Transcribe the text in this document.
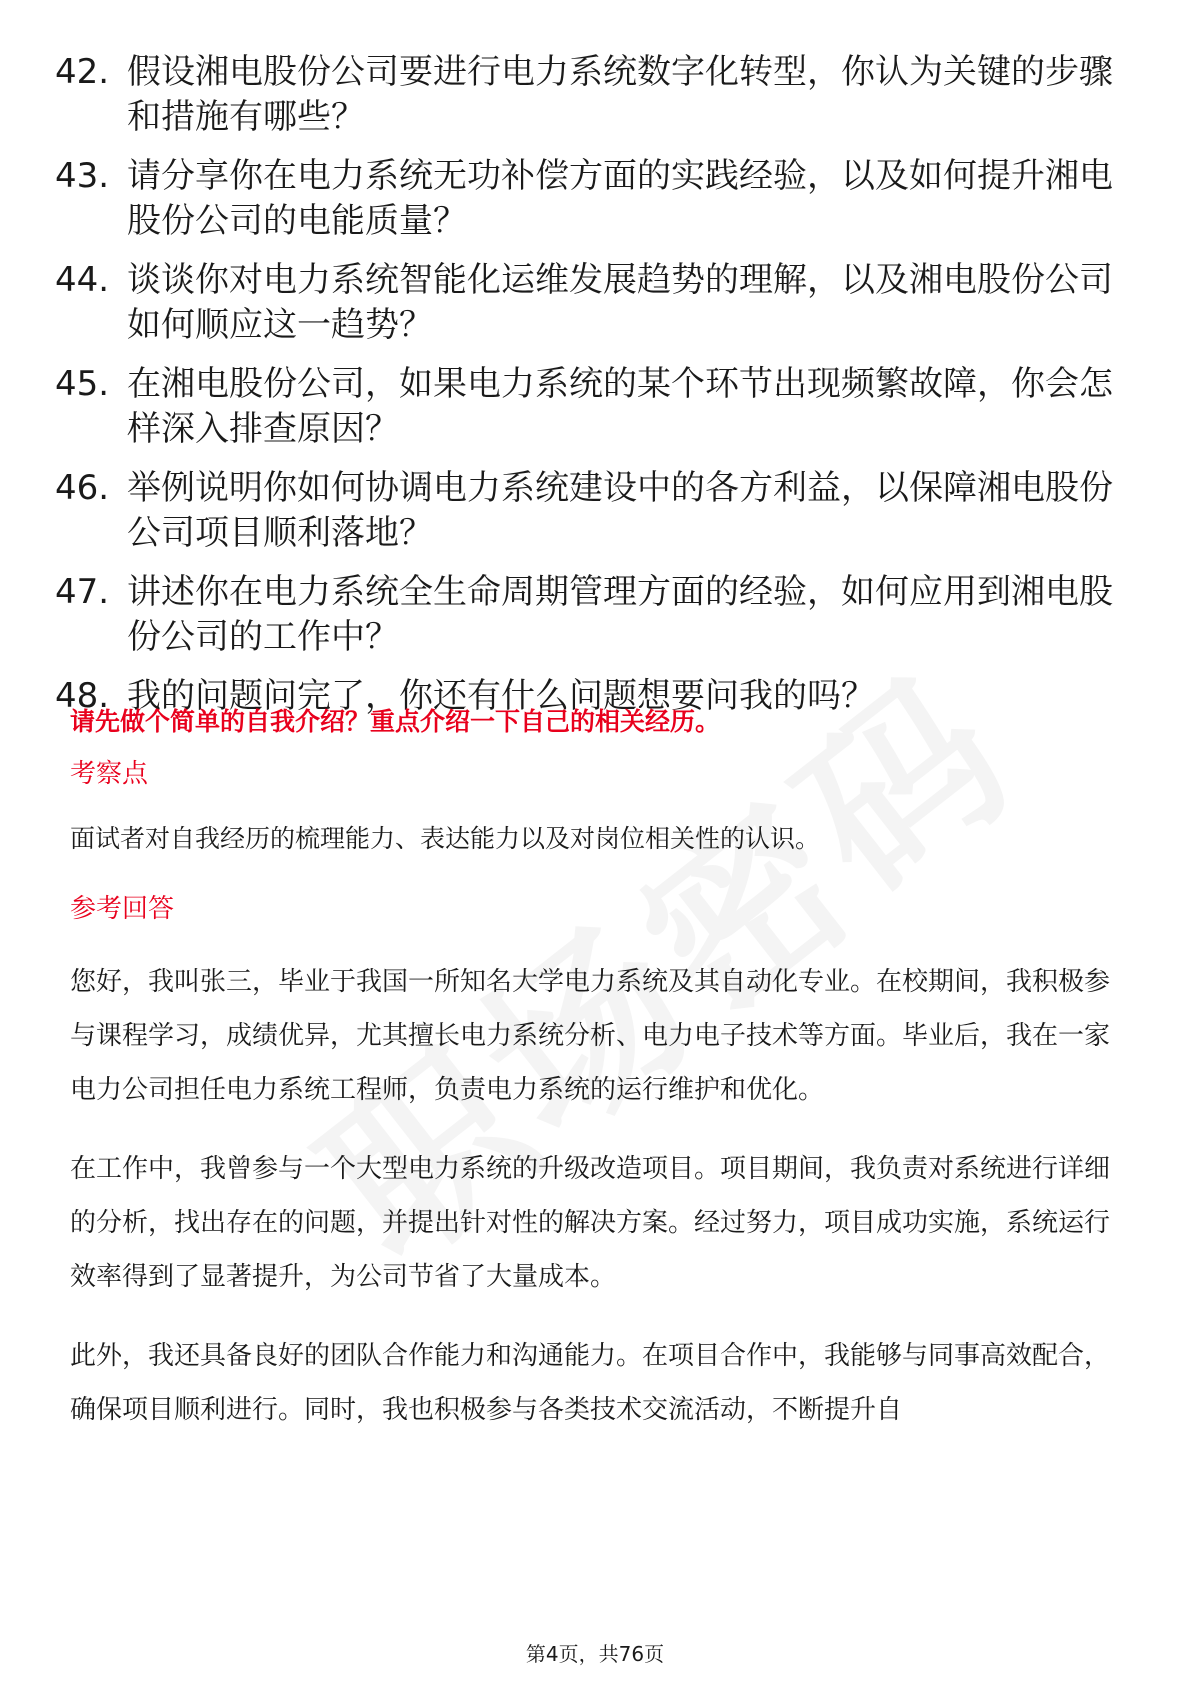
42. 假设湘电股份公司要进行电力系统数字化转型，你认为关键的步骤和措施有哪些？
43. 请分享你在电力系统无功补偿方面的实践经验，以及如何提升湘电股份公司的电能质量？
44. 谈谈你对电力系统智能化运维发展趋势的理解，以及湘电股份公司如何顺应这一趋势？
45. 在湘电股份公司，如果电力系统的某个环节出现频繁故障，你会怎样深入排查原因？
46. 举例说明你如何协调电力系统建设中的各方利益，以保障湘电股份公司项目顺利落地？
47. 讲述你在电力系统全生命周期管理方面的经验，如何应用到湘电股份公司的工作中？
48. 我的问题问完了，你还有什么问题想要问我的吗？
请先做个简单的自我介绍？重点介绍一下自己的相关经历。
考察点
面试者对自我经历的梳理能力、表达能力以及对岗位相关性的认识。
参考回答

您好，我叫张三，毕业于我国一所知名大学电力系统及其自动化专业。在校期间，我积极参与课程学习，成绩优异，尤其擅长电力系统分析、电力电子技术等方面。毕业后，我在一家电力公司担任电力系统工程师，负责电力系统的运行维护和优化。

在工作中，我曾参与一个大型电力系统的升级改造项目。项目期间，我负责对系统进行详细的分析，找出存在的问题，并提出针对性的解决方案。经过努力，项目成功实施，系统运行效率得到了显著提升，为公司节省了大量成本。

此外，我还具备良好的团队合作能力和沟通能力。在项目合作中，我能够与同事高效配合，确保项目顺利进行。同时，我也积极参与各类技术交流活动，不断提升自

第4页，共76页
